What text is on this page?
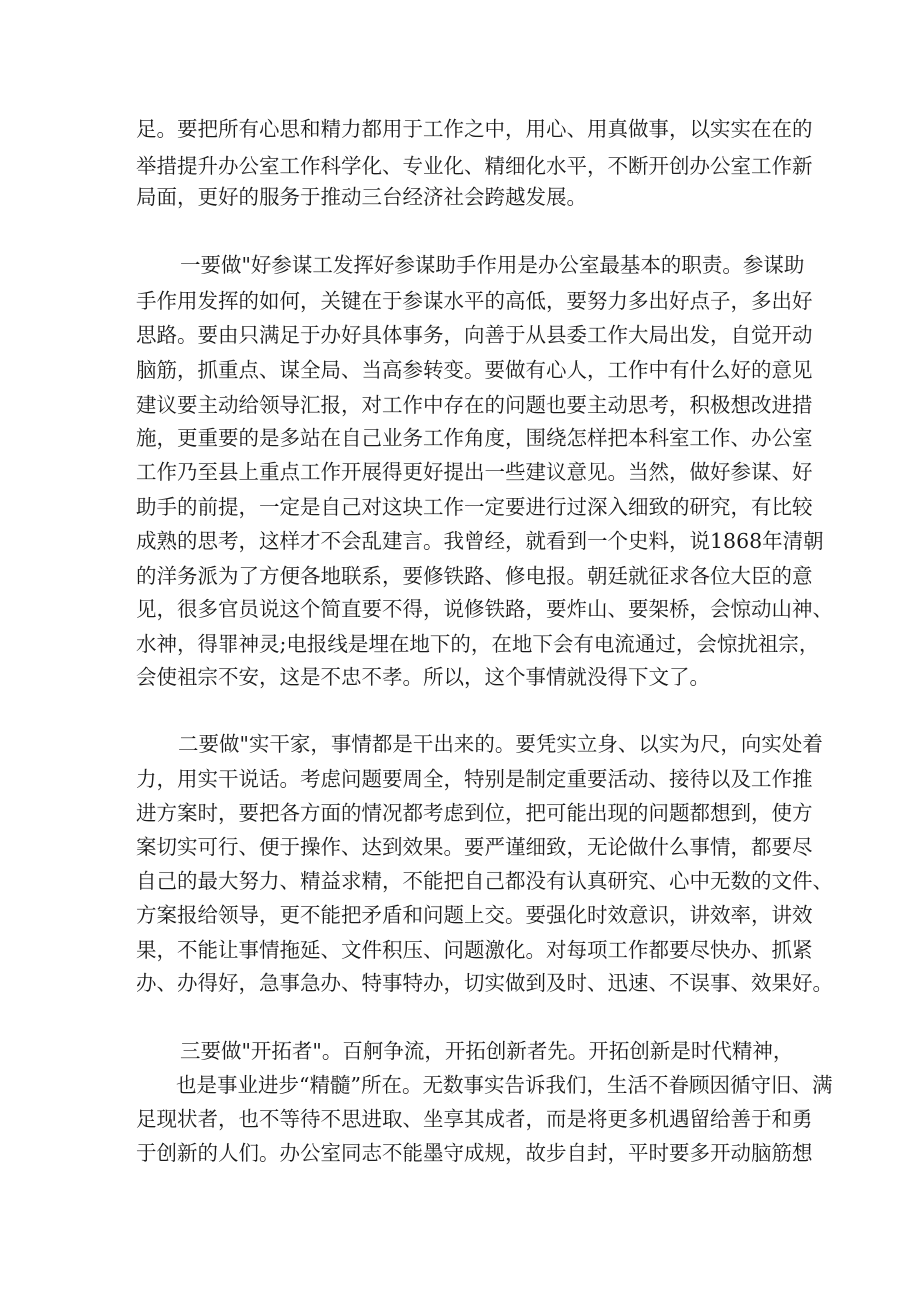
足。要把所有心思和精力都用于工作之中，用心、用真做事，以实实在在的
举措提升办公室工作科学化、专业化、精细化水平，不断开创办公室工作新
局面，更好的服务于推动三台经济社会跨越发展。
一要做"好参谋工发挥好参谋助手作用是办公室最基本的职责。参谋助
手作用发挥的如何，关键在于参谋水平的高低，要努力多出好点子，多出好
思路。要由只满足于办好具体事务，向善于从县委工作大局出发，自觉开动
脑筋，抓重点、谋全局、当高参转变。要做有心人，工作中有什么好的意见
建议要主动给领导汇报，对工作中存在的问题也要主动思考，积极想改进措
施，更重要的是多站在自己业务工作角度，围绕怎样把本科室工作、办公室
工作乃至县上重点工作开展得更好提出一些建议意见。当然，做好参谋、好
助手的前提，一定是自己对这块工作一定要进行过深入细致的研究，有比较
成熟的思考，这样才不会乱建言。我曾经，就看到一个史料，说1868年清朝
的洋务派为了方便各地联系，要修铁路、修电报。朝廷就征求各位大臣的意
见，很多官员说这个简直要不得，说修铁路，要炸山、要架桥，会惊动山神、
水神，得罪神灵;电报线是埋在地下的，在地下会有电流通过，会惊扰祖宗，
会使祖宗不安，这是不忠不孝。所以，这个事情就没得下文了。
二要做"实干家，事情都是干出来的。要凭实立身、以实为尺，向实处着
力，用实干说话。考虑问题要周全，特别是制定重要活动、接待以及工作推
进方案时，要把各方面的情况都考虑到位，把可能出现的问题都想到，使方
案切实可行、便于操作、达到效果。要严谨细致，无论做什么事情，都要尽
自己的最大努力、精益求精，不能把自己都没有认真研究、心中无数的文件、
方案报给领导，更不能把矛盾和问题上交。要强化时效意识，讲效率，讲效
果，不能让事情拖延、文件积压、问题激化。对每项工作都要尽快办、抓紧
办、办得好，急事急办、特事特办，切实做到及时、迅速、不误事、效果好。
三要做"开拓者"。百舸争流，开拓创新者先。开拓创新是时代精神，
也是事业进步“精髓”所在。无数事实告诉我们，生活不眷顾因循守旧、满
足现状者，也不等待不思进取、坐享其成者，而是将更多机遇留给善于和勇
于创新的人们。办公室同志不能墨守成规，故步自封，平时要多开动脑筋想
